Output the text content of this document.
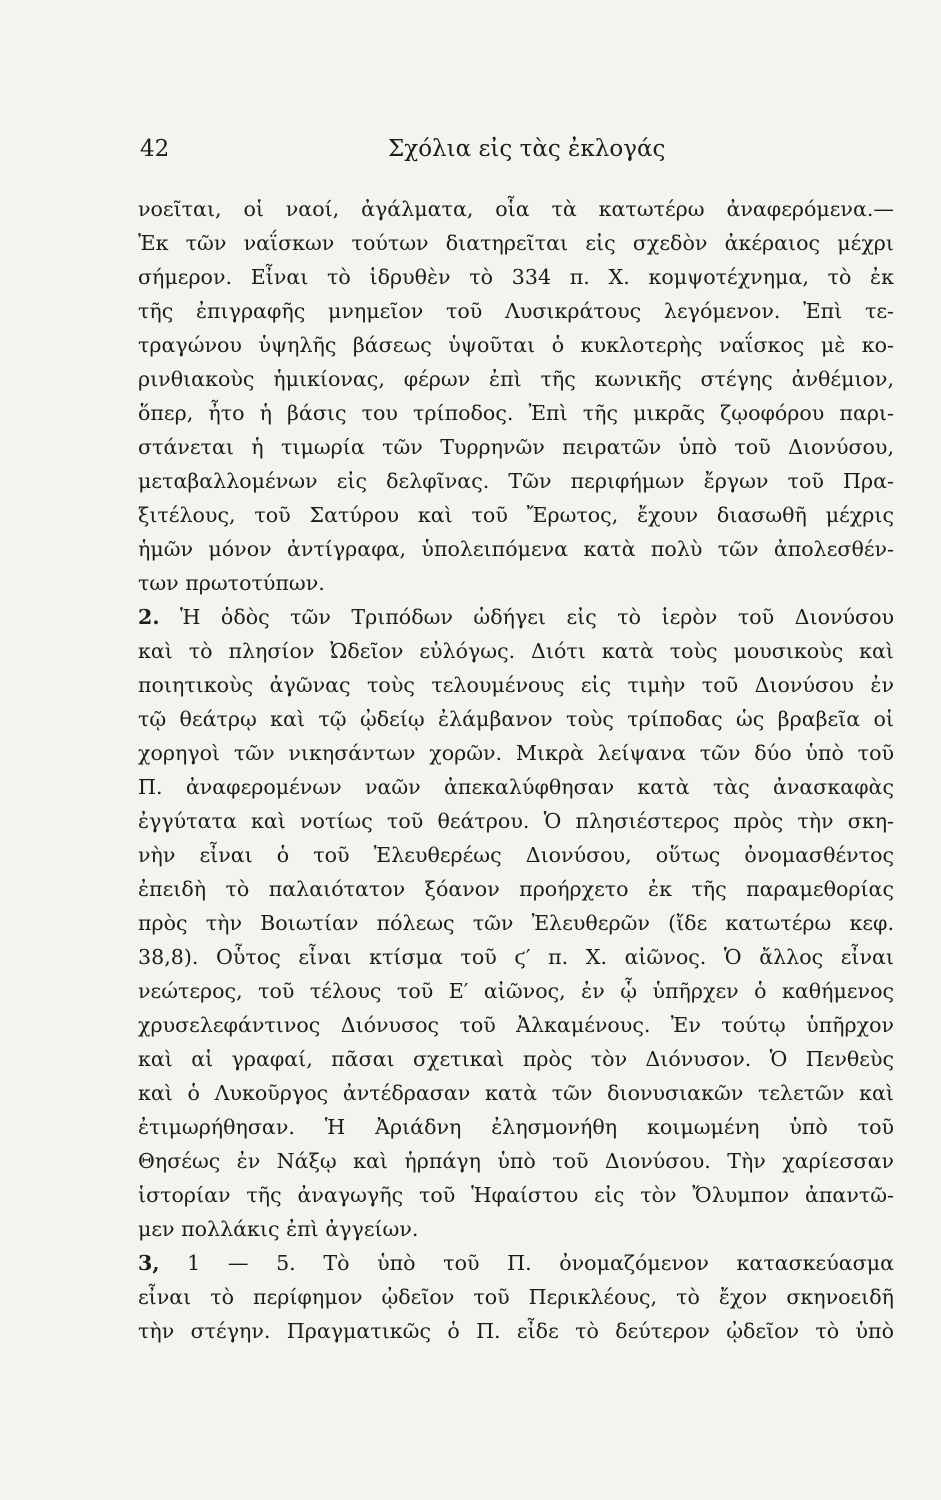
42	Σχόλια εἰς τὰς ἐκλογάς
νοεῖται, οἱ ναοί, ἀγάλματα, οἷα τὰ κατωτέρω ἀναφερόμενα.—
Ἐκ τῶν ναΐσκων τούτων διατηρεῖται εἰς σχεδὸν ἀκέραιος μέχρι
σήμερον. Εἶναι τὸ ἱδρυθὲν τὸ 334 π. Χ. κομψοτέχνημα, τὸ ἐκ
τῆς ἐπιγραφῆς μνημεῖον τοῦ Λυσικράτους λεγόμενον. Ἐπὶ τε-
τραγώνου ὑψηλῆς βάσεως ὑψοῦται ὁ κυκλοτερὴς ναΐσκος μὲ κο-
ρινθιακοὺς ἡμικίονας, φέρων ἐπὶ τῆς κωνικῆς στέγης ἀνθέμιον,
ὅπερ, ἦτο ἡ βάσις του τρίποδος. Ἐπὶ τῆς μικρᾶς ζῳοφόρου παρι-
στάνεται ἡ τιμωρία τῶν Τυρρηνῶν πειρατῶν ὑπὸ τοῦ Διονύσου,
μεταβαλλομένων εἰς δελφῖνας. Τῶν περιφήμων ἔργων τοῦ Πρα-
ξιτέλους, τοῦ Σατύρου καὶ τοῦ Ἔρωτος, ἔχουν διασωθῆ μέχρις
ἡμῶν μόνον ἀντίγραφα, ὑπολειπόμενα κατὰ πολὺ τῶν ἀπολεσθέν-
των πρωτοτύπων.
2. Ἡ ὁδὸς τῶν Τριπόδων ὡδήγει εἰς τὸ ἱερὸν τοῦ Διονύσου
καὶ τὸ πλησίον Ὠδεῖον εὐλόγως. Διότι κατὰ τοὺς μουσικοὺς καὶ
ποιητικοὺς ἀγῶνας τοὺς τελουμένους εἰς τιμὴν τοῦ Διονύσου ἐν
τῷ θεάτρῳ καὶ τῷ ᾠδείῳ ἐλάμβανον τοὺς τρίποδας ὡς βραβεῖα οἱ
χορηγοὶ τῶν νικησάντων χορῶν. Μικρὰ λείψανα τῶν δύο ὑπὸ τοῦ
Π. ἀναφερομένων ναῶν ἀπεκαλύφθησαν κατὰ τὰς ἀνασκαφὰς
ἐγγύτατα καὶ νοτίως τοῦ θεάτρου. Ὁ πλησιέστερος πρὸς τὴν σκη-
νὴν εἶναι ὁ τοῦ Ἐλευθερέως Διονύσου, οὕτως ὀνομασθέντος
ἐπειδὴ τὸ παλαιότατον ξόανον προήρχετο ἐκ τῆς παραμεθορίας
πρὸς τὴν Βοιωτίαν πόλεως τῶν Ἐλευθερῶν (ἴδε κατωτέρω κεφ.
38,8). Οὗτος εἶναι κτίσμα τοῦ ϛ′ π. Χ. αἰῶνος. Ὁ ἄλλος εἶναι
νεώτερος, τοῦ τέλους τοῦ Ε′ αἰῶνος, ἐν ᾧ ὑπῆρχεν ὁ καθήμενος
χρυσελεφάντινος Διόνυσος τοῦ Ἀλκαμένους. Ἐν τούτῳ ὑπῆρχον
καὶ αἱ γραφαί, πᾶσαι σχετικαὶ πρὸς τὸν Διόνυσον. Ὁ Πενθεὺς
καὶ ὁ Λυκοῦργος ἀντέδρασαν κατὰ τῶν διονυσιακῶν τελετῶν καὶ
ἐτιμωρήθησαν. Ἡ Ἀριάδνη ἐλησμονήθη κοιμωμένη ὑπὸ τοῦ
Θησέως ἐν Νάξῳ καὶ ἡρπάγη ὑπὸ τοῦ Διονύσου. Τὴν χαρίεσσαν
ἱστορίαν τῆς ἀναγωγῆς τοῦ Ἡφαίστου εἰς τὸν Ὄλυμπον ἀπαντῶ-
μεν πολλάκις ἐπὶ ἀγγείων.
3, 1 — 5. Τὸ ὑπὸ τοῦ Π. ὀνομαζόμενον κατασκεύασμα
εἶναι τὸ περίφημον ᾠδεῖον τοῦ Περικλέους, τὸ ἔχον σκηνοειδῆ
τὴν στέγην. Πραγματικῶς ὁ Π. εἶδε τὸ δεύτερον ᾠδεῖον τὸ ὑπὸ
